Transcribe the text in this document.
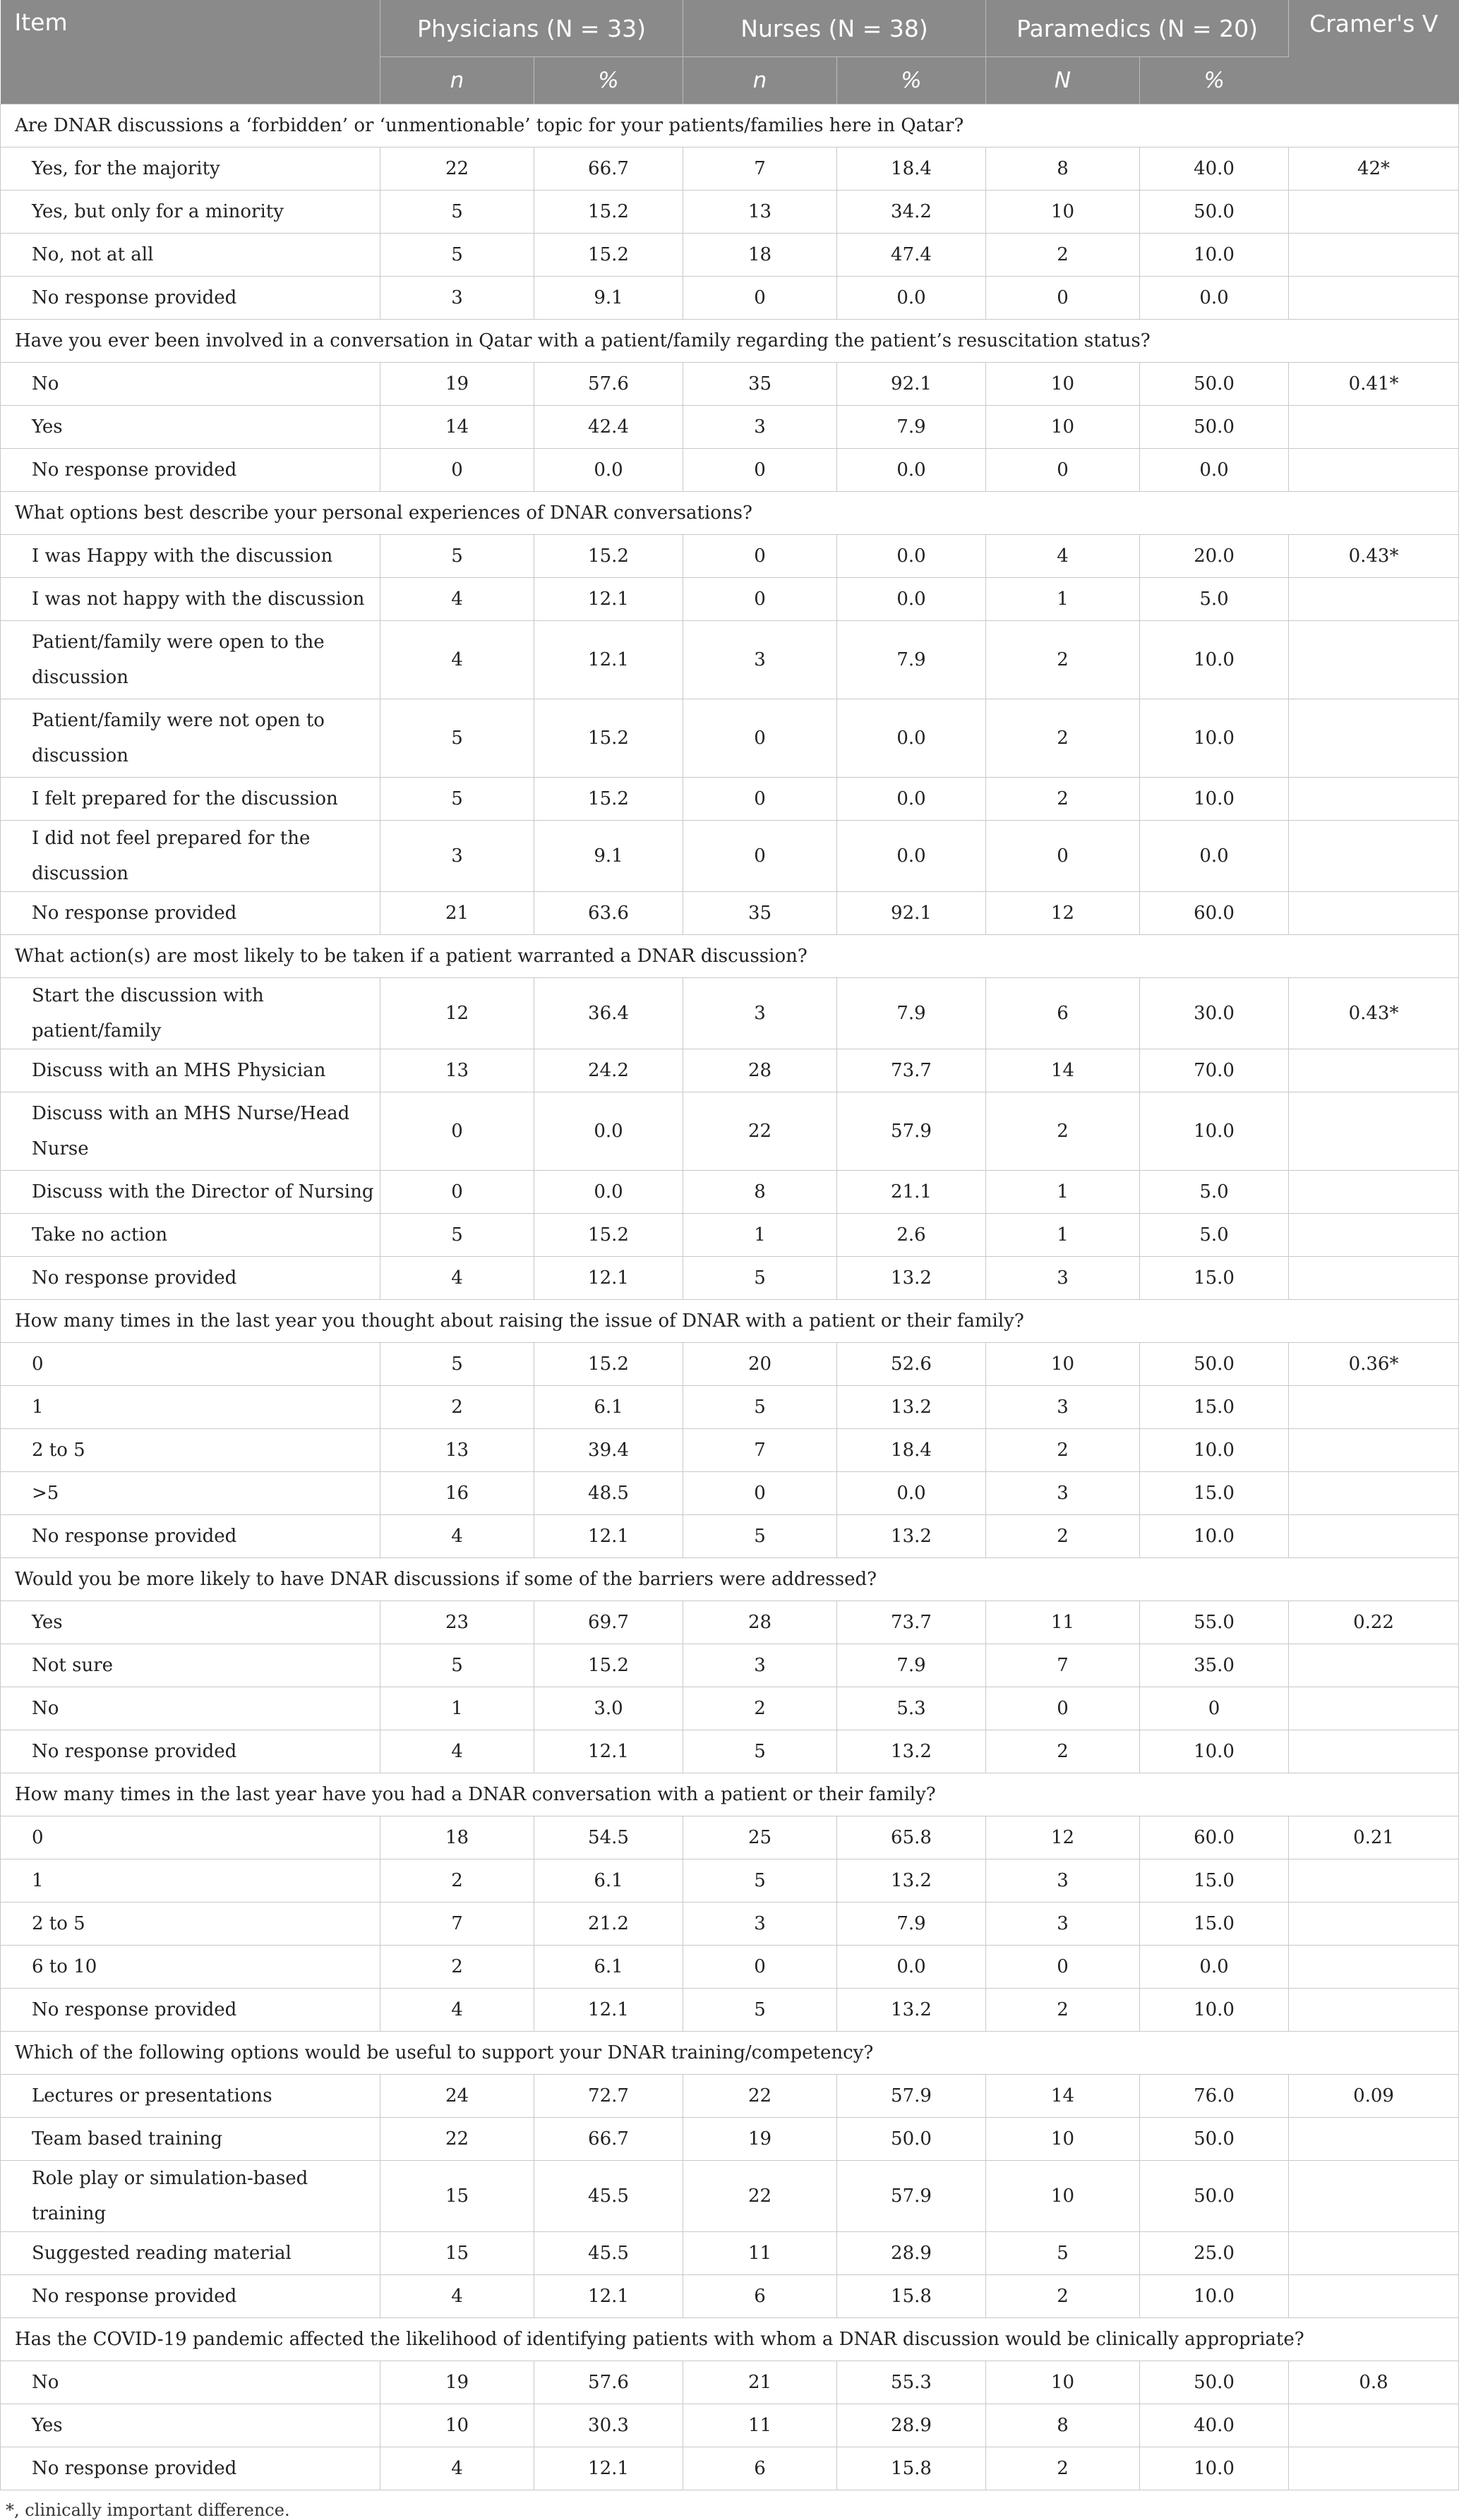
Item	Physicians (N = 33)		Nurses (N = 38)		Paramedics (N = 20)		Cramer's V
	n	%	n	%	N	%	
Are DNAR discussions a ‘forbidden’ or ‘unmentionable’ topic for your patients/families here in Qatar?							
Yes, for the majority	22	66.7	7	18.4	8	40.0	42*
Yes, but only for a minority	5	15.2	13	34.2	10	50.0	
No, not at all	5	15.2	18	47.4	2	10.0	
No response provided	3	9.1	0	0.0	0	0.0	
Have you ever been involved in a conversation in Qatar with a patient/family regarding the patient’s resuscitation status?							
No	19	57.6	35	92.1	10	50.0	0.41*
Yes	14	42.4	3	7.9	10	50.0	
No response provided	0	0.0	0	0.0	0	0.0	
What options best describe your personal experiences of DNAR conversations?							
I was Happy with the discussion	5	15.2	0	0.0	4	20.0	0.43*
I was not happy with the discussion	4	12.1	0	0.0	1	5.0	
Patient/family were open to the discussion	4	12.1	3	7.9	2	10.0	
Patient/family were not open to discussion	5	15.2	0	0.0	2	10.0	
I felt prepared for the discussion	5	15.2	0	0.0	2	10.0	
I did not feel prepared for the discussion	3	9.1	0	0.0	0	0.0	
No response provided	21	63.6	35	92.1	12	60.0	
What action(s) are most likely to be taken if a patient warranted a DNAR discussion?							
Start the discussion with patient/family	12	36.4	3	7.9	6	30.0	0.43*
Discuss with an MHS Physician	13	24.2	28	73.7	14	70.0	
Discuss with an MHS Nurse/Head Nurse	0	0.0	22	57.9	2	10.0	
Discuss with the Director of Nursing	0	0.0	8	21.1	1	5.0	
Take no action	5	15.2	1	2.6	1	5.0	
No response provided	4	12.1	5	13.2	3	15.0	
How many times in the last year you thought about raising the issue of DNAR with a patient or their family?							
0	5	15.2	20	52.6	10	50.0	0.36*
1	2	6.1	5	13.2	3	15.0	
2 to 5	13	39.4	7	18.4	2	10.0	
>5	16	48.5	0	0.0	3	15.0	
No response provided	4	12.1	5	13.2	2	10.0	
Would you be more likely to have DNAR discussions if some of the barriers were addressed?							
Yes	23	69.7	28	73.7	11	55.0	0.22
Not sure	5	15.2	3	7.9	7	35.0	
No	1	3.0	2	5.3	0	0	
No response provided	4	12.1	5	13.2	2	10.0	
How many times in the last year have you had a DNAR conversation with a patient or their family?							
0	18	54.5	25	65.8	12	60.0	0.21
1	2	6.1	5	13.2	3	15.0	
2 to 5	7	21.2	3	7.9	3	15.0	
6 to 10	2	6.1	0	0.0	0	0.0	
No response provided	4	12.1	5	13.2	2	10.0	
Which of the following options would be useful to support your DNAR training/competency?							
Lectures or presentations	24	72.7	22	57.9	14	76.0	0.09
Team based training	22	66.7	19	50.0	10	50.0	
Role play or simulation-based training	15	45.5	22	57.9	10	50.0	
Suggested reading material	15	45.5	11	28.9	5	25.0	
No response provided	4	12.1	6	15.8	2	10.0	
Has the COVID-19 pandemic affected the likelihood of identifying patients with whom a DNAR discussion would be clinically appropriate?							
No	19	57.6	21	55.3	10	50.0	0.8
Yes	10	30.3	11	28.9	8	40.0	
No response provided	4	12.1	6	15.8	2	10.0	
*, clinically important difference.
